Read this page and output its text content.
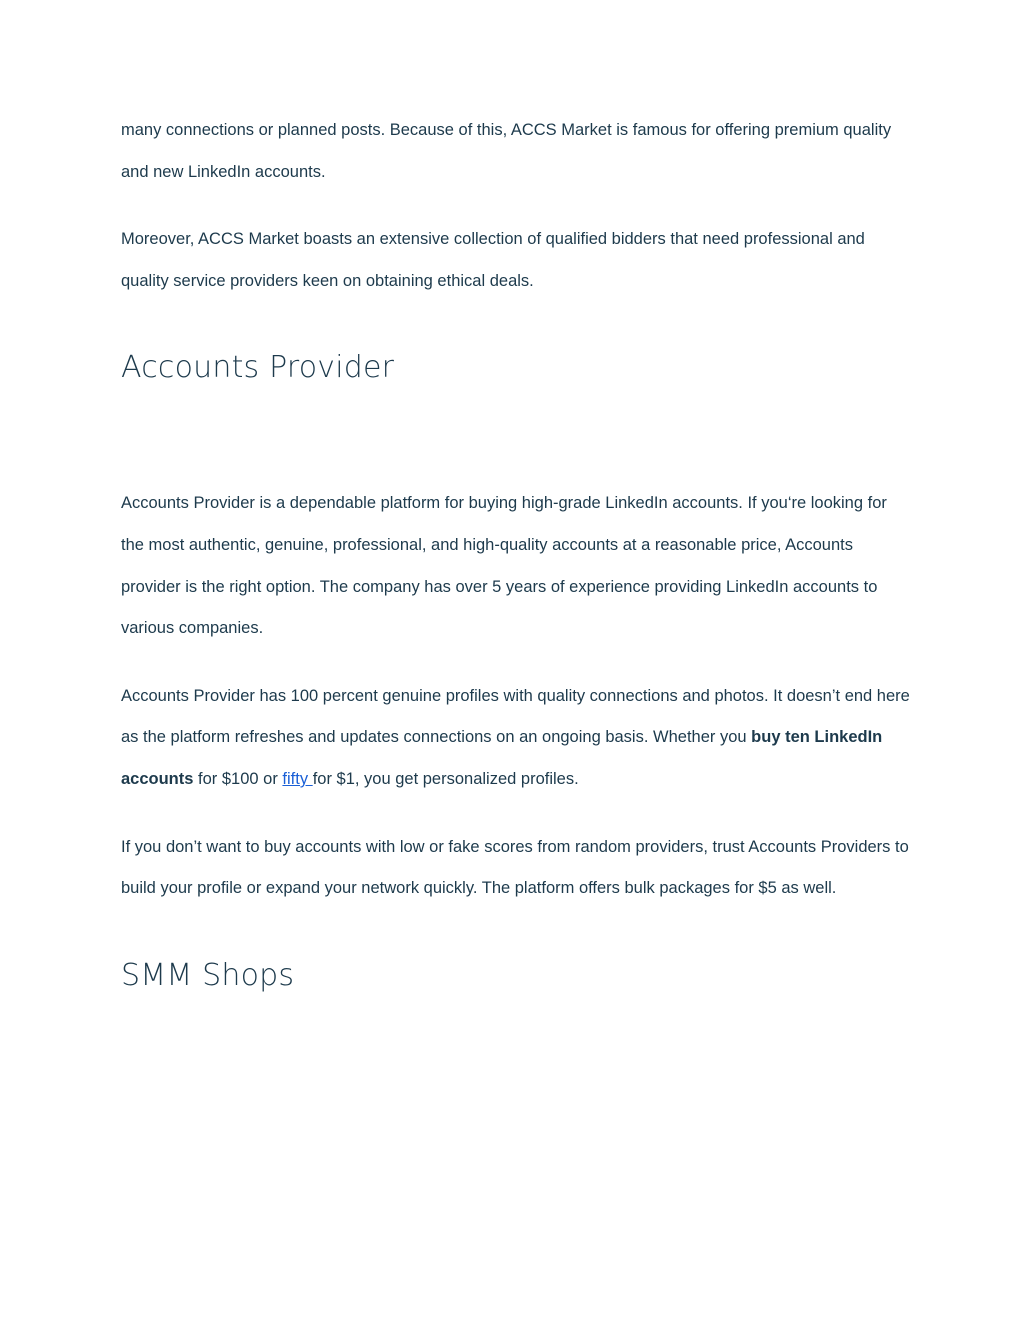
many connections or planned posts. Because of this, ACCS Market is famous for offering premium quality and new LinkedIn accounts.

Moreover, ACCS Market boasts an extensive collection of qualified bidders that need professional and quality service providers keen on obtaining ethical deals.

Accounts Provider

Accounts Provider is a dependable platform for buying high-grade LinkedIn accounts. If you‘re looking for the most authentic, genuine, professional, and high-quality accounts at a reasonable price, Accounts provider is the right option. The company has over 5 years of experience providing LinkedIn accounts to various companies.

Accounts Provider has 100 percent genuine profiles with quality connections and photos. It doesn’t end here as the platform refreshes and updates connections on an ongoing basis. Whether you buy ten LinkedIn accounts for $100 or fifty for $1, you get personalized profiles.

If you don’t want to buy accounts with low or fake scores from random providers, trust Accounts Providers to build your profile or expand your network quickly. The platform offers bulk packages for $5 as well.

SMM Shops
